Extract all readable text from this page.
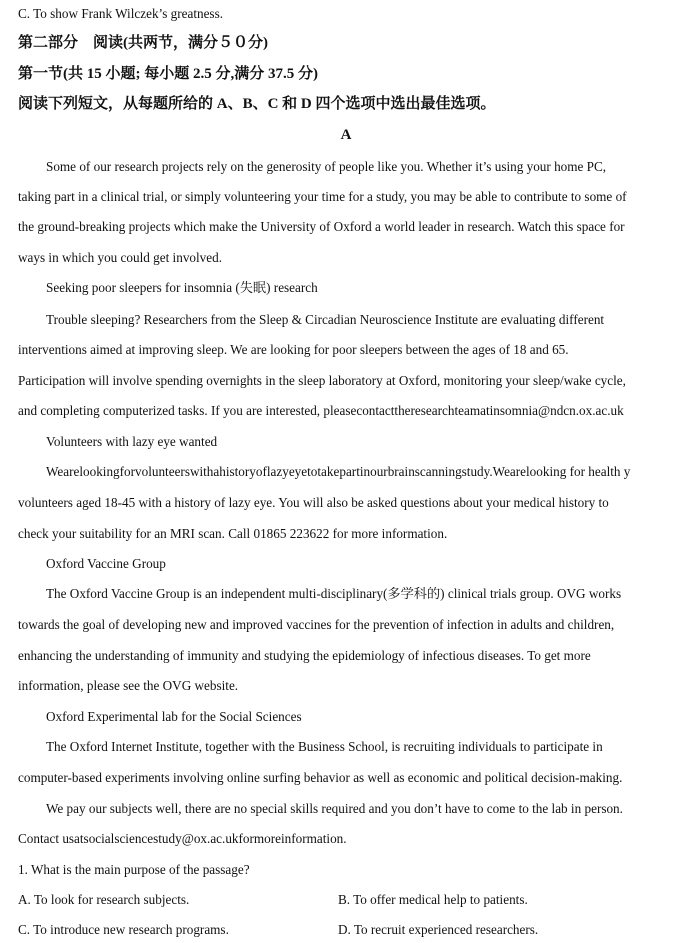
C. To show Frank Wilczek’s greatness.
第二部分　阅读(共两节，满分５０分)
第一节(共 15 小题; 每小题 2.5 分,满分 37.5 分)
阅读下列短文，从每题所给的 A、B、C 和 D 四个选项中选出最佳选项。
A
Some of our research projects rely on the generosity of people like you. Whether it’s using your home PC,
taking part in a clinical trial, or simply volunteering your time for a study, you may be able to contribute to some of
the ground-breaking projects which make the University of Oxford a world leader in research. Watch this space for
ways in which you could get involved.
Seeking poor sleepers for insomnia (失眠) research
Trouble sleeping? Researchers from the Sleep & Circadian Neuroscience Institute are evaluating different
interventions aimed at improving sleep. We are looking for poor sleepers between the ages of 18 and 65.
Participation will involve spending overnights in the sleep laboratory at Oxford, monitoring your sleep/wake cycle,
and completing computerized tasks. If you are interested, pleasecontacttheresearchteamatinsomnia@ndcn.ox.ac.uk
Volunteers with lazy eye wanted
Wearelookingforvolunteerswithahistoryoflazyeyetotakepartinourbrainscanningstudy.Wearelooking for health y
volunteers aged 18-45 with a history of lazy eye. You will also be asked questions about your medical history to
check your suitability for an MRI scan. Call 01865 223622 for more information.
Oxford Vaccine Group
The Oxford Vaccine Group is an independent multi-disciplinary(多学科的) clinical trials group. OVG works
towards the goal of developing new and improved vaccines for the prevention of infection in adults and children,
enhancing the understanding of immunity and studying the epidemiology of infectious diseases. To get more
information, please see the OVG website.
Oxford Experimental lab for the Social Sciences
The Oxford Internet Institute, together with the Business School, is recruiting individuals to participate in
computer-based experiments involving online surfing behavior as well as economic and political decision-making.
We pay our subjects well, there are no special skills required and you don’t have to come to the lab in person.
Contact usatsocialsciencestudy@ox.ac.ukformoreinformation.
1. What is the main purpose of the passage?
A. To look for research subjects.	B. To offer medical help to patients.
C. To introduce new research programs.	D. To recruit experienced researchers.
